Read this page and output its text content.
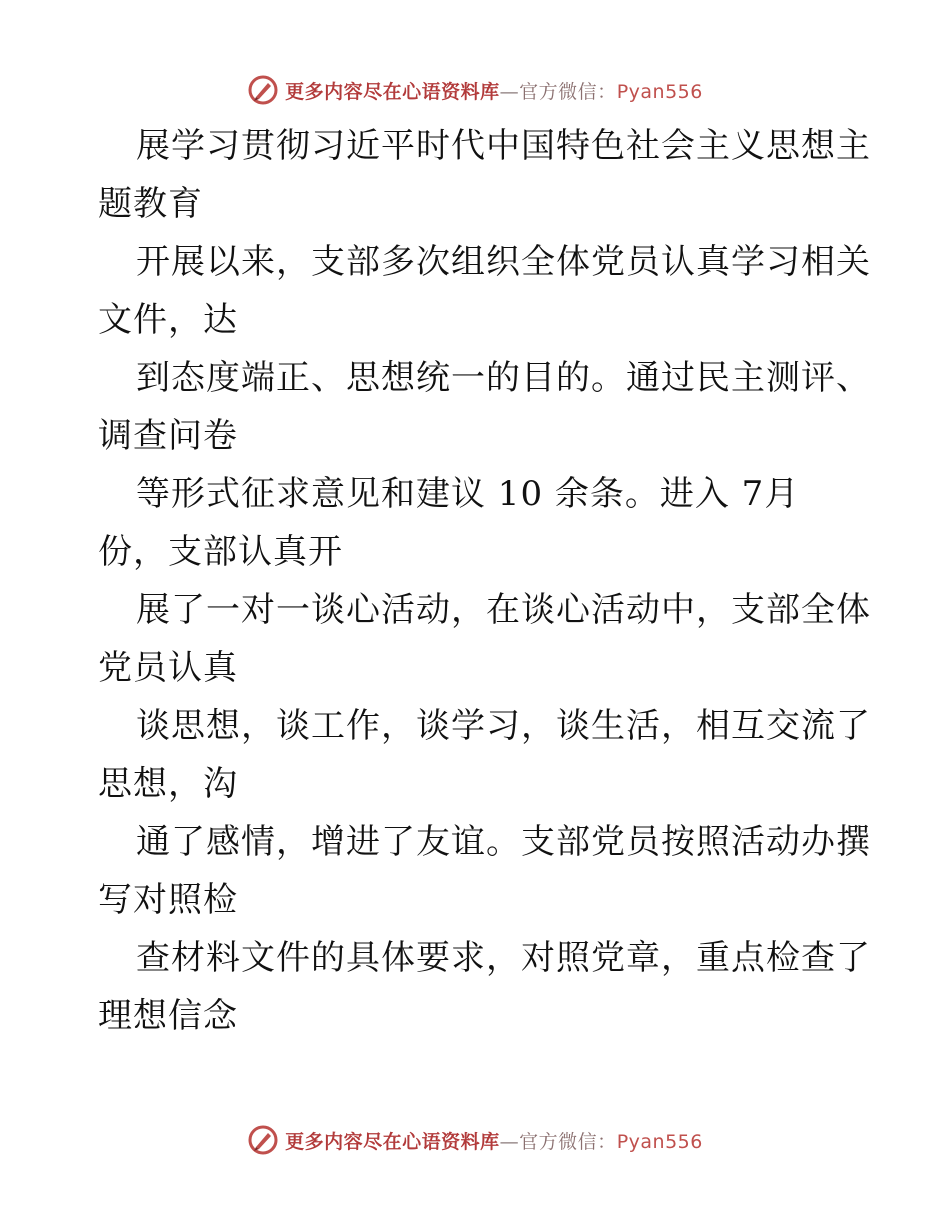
更多内容尽在心语资料库—官方微信：Pyan556
展学习贯彻习近平时代中国特色社会主义思想主
题教育
开展以来，支部多次组织全体党员认真学习相关
文件，达
到态度端正、思想统一的目的。通过民主测评、
调查问卷
等形式征求意见和建议 10 余条。进入 7月
份，支部认真开
展了一对一谈心活动，在谈心活动中，支部全体
党员认真
谈思想，谈工作，谈学习，谈生活，相互交流了
思想，沟
通了感情，增进了友谊。支部党员按照活动办撰
写对照检
查材料文件的具体要求，对照党章，重点检查了
理想信念
更多内容尽在心语资料库—官方微信：Pyan556
